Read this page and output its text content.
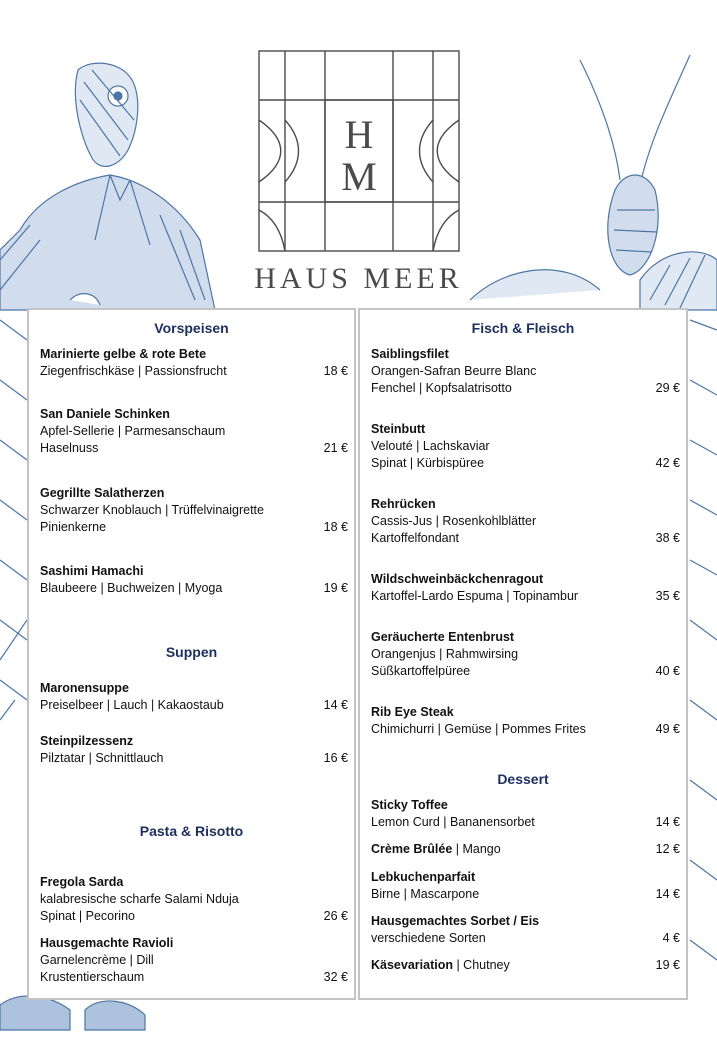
H
M
HAUS MEER
Vorspeisen
Marinierte gelbe & rote Bete
Ziegenfrischkäse | Passionsfrucht	18 €
San Daniele Schinken
Apfel-Sellerie | Parmesanschaum
Haselnuss	21 €
Gegrillte Salatherzen
Schwarzer Knoblauch | Trüffelvinaigrette
Pinienkerne	18 €
Sashimi Hamachi
Blaubeere | Buchweizen | Myoga	19 €
Suppen
Maronensuppe
Preiselbeer | Lauch | Kakaostaub	14 €
Steinpilzessenz
Pilztatar | Schnittlauch	16 €
Pasta & Risotto
Fregola Sarda
kalabresische scharfe Salami Nduja
Spinat | Pecorino	26 €
Hausgemachte Ravioli
Garnelencrème | Dill
Krustentierschaum	32 €
Fisch & Fleisch
Saiblingsfilet
Orangen-Safran Beurre Blanc
Fenchel | Kopfsalatrisotto	29 €
Steinbutt
Velouté | Lachskaviar
Spinat | Kürbispüree	42 €
Rehrücken
Cassis-Jus | Rosenkohlblätter
Kartoffelfondant	38 €
Wildschweinbäckchenragout
Kartoffel-Lardo Espuma | Topinambur	35 €
Geräucherte Entenbrust
Orangenjus | Rahmwirsing
Süßkartoffelpüree	40 €
Rib Eye Steak
Chimichurri | Gemüse | Pommes Frites	49 €
Dessert
Sticky Toffee
Lemon Curd | Bananensorbet	14 €
Crème Brûlée | Mango	12 €
Lebkuchenparfait
Birne | Mascarpone	14 €
Hausgemachtes Sorbet / Eis
verschiedene Sorten	4 €
Käsevariation | Chutney	19 €
